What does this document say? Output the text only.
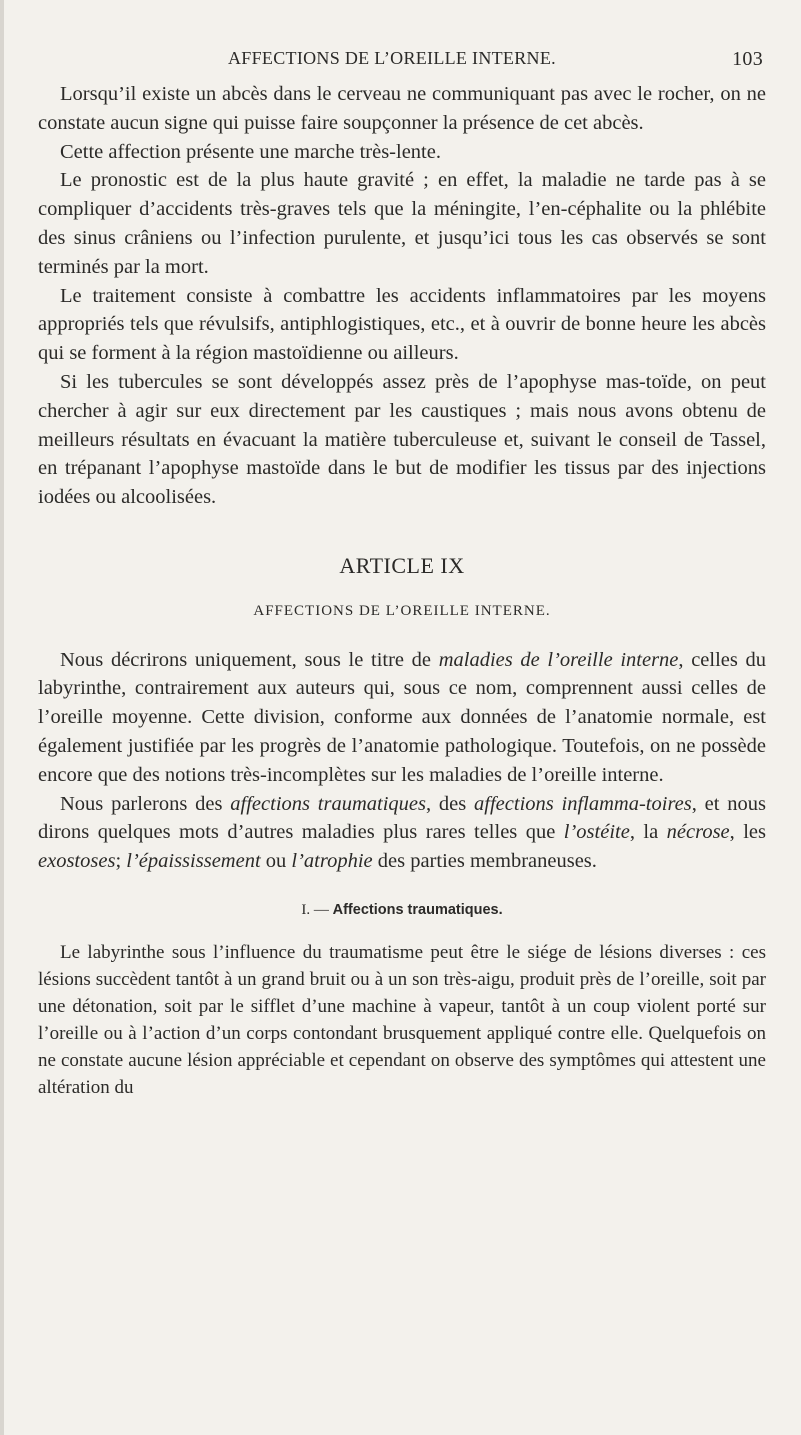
AFFECTIONS DE L’OREILLE INTERNE.	103

Lorsqu’il existe un abcès dans le cerveau ne communiquant pas avec le rocher, on ne constate aucun signe qui puisse faire soupçonner la présence de cet abcès.

Cette affection présente une marche très-lente.

Le pronostic est de la plus haute gravité ; en effet, la maladie ne tarde pas à se compliquer d’accidents très-graves tels que la méningite, l’en-céphalite ou la phlébite des sinus crâniens ou l’infection purulente, et jusqu’ici tous les cas observés se sont terminés par la mort.

Le traitement consiste à combattre les accidents inflammatoires par les moyens appropriés tels que révulsifs, antiphlogistiques, etc., et à ouvrir de bonne heure les abcès qui se forment à la région mastoïdienne ou ailleurs.

Si les tubercules se sont développés assez près de l’apophyse mas-toïde, on peut chercher à agir sur eux directement par les caustiques ; mais nous avons obtenu de meilleurs résultats en évacuant la matière tuberculeuse et, suivant le conseil de Tassel, en trépanant l’apophyse mastoïde dans le but de modifier les tissus par des injections iodées ou alcoolisées.

ARTICLE IX
AFFECTIONS DE L’OREILLE INTERNE.

Nous décrirons uniquement, sous le titre de maladies de l’oreille interne, celles du labyrinthe, contrairement aux auteurs qui, sous ce nom, comprennent aussi celles de l’oreille moyenne. Cette division, conforme aux données de l’anatomie normale, est également justifiée par les progrès de l’anatomie pathologique. Toutefois, on ne possède encore que des notions très-incomplètes sur les maladies de l’oreille interne.

Nous parlerons des affections traumatiques, des affections inflamma-toires, et nous dirons quelques mots d’autres maladies plus rares telles que l’ostéite, la nécrose, les exostoses; l’épaississement ou l’atrophie des parties membraneuses.

I. — Affections traumatiques.

Le labyrinthe sous l’influence du traumatisme peut être le siége de lésions diverses : ces lésions succèdent tantôt à un grand bruit ou à un son très-aigu, produit près de l’oreille, soit par une détonation, soit par le sifflet d’une machine à vapeur, tantôt à un coup violent porté sur l’oreille ou à l’action d’un corps contondant brusquement appliqué contre elle. Quelquefois on ne constate aucune lésion appréciable et cependant on observe des symptômes qui attestent une altération du
